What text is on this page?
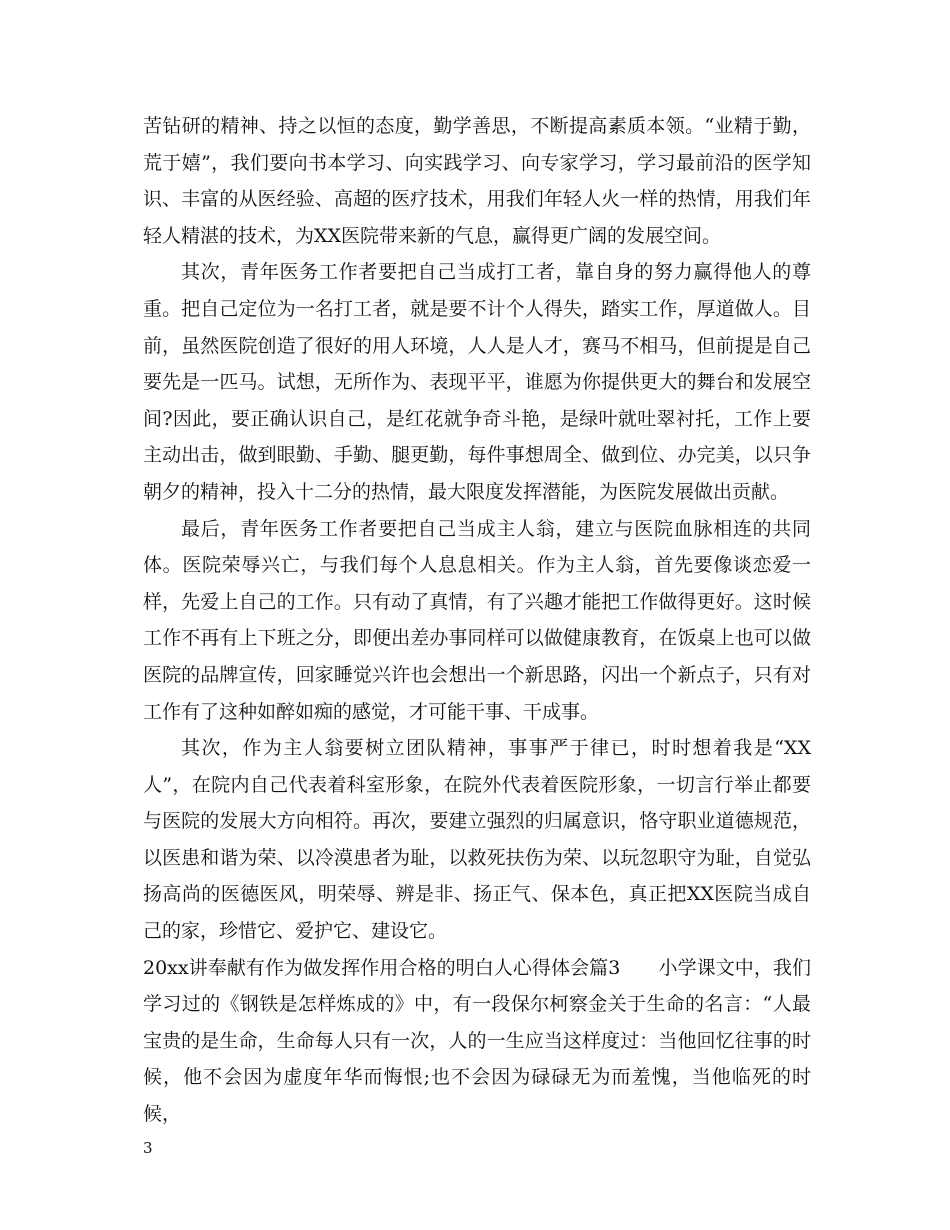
苦钻研的精神、持之以恒的态度，勤学善思，不断提高素质本领。“业精于勤，荒于嬉”，我们要向书本学习、向实践学习、向专家学习，学习最前沿的医学知识、丰富的从医经验、高超的医疗技术，用我们年轻人火一样的热情，用我们年轻人精湛的技术，为XX医院带来新的气息，赢得更广阔的发展空间。

其次，青年医务工作者要把自己当成打工者，靠自身的努力赢得他人的尊重。把自己定位为一名打工者，就是要不计个人得失，踏实工作，厚道做人。目前，虽然医院创造了很好的用人环境，人人是人才，赛马不相马，但前提是自己要先是一匹马。试想，无所作为、表现平平，谁愿为你提供更大的舞台和发展空间?因此，要正确认识自己，是红花就争奇斗艳，是绿叶就吐翠衬托，工作上要主动出击，做到眼勤、手勤、腿更勤，每件事想周全、做到位、办完美，以只争朝夕的精神，投入十二分的热情，最大限度发挥潜能，为医院发展做出贡献。

最后，青年医务工作者要把自己当成主人翁，建立与医院血脉相连的共同体。医院荣辱兴亡，与我们每个人息息相关。作为主人翁，首先要像谈恋爱一样，先爱上自己的工作。只有动了真情，有了兴趣才能把工作做得更好。这时候工作不再有上下班之分，即便出差办事同样可以做健康教育，在饭桌上也可以做医院的品牌宣传，回家睡觉兴许也会想出一个新思路，闪出一个新点子，只有对工作有了这种如醉如痴的感觉，才可能干事、干成事。

其次，作为主人翁要树立团队精神，事事严于律已，时时想着我是“XX人”，在院内自己代表着科室形象，在院外代表着医院形象，一切言行举止都要与医院的发展大方向相符。再次，要建立强烈的归属意识，恪守职业道德规范，以医患和谐为荣、以冷漠患者为耻，以救死扶伤为荣、以玩忽职守为耻，自觉弘扬高尚的医德医风，明荣辱、辨是非、扬正气、保本色，真正把XX医院当成自己的家，珍惜它、爱护它、建设它。

20xx讲奉献有作为做发挥作用合格的明白人心得体会篇3　　小学课文中，我们学习过的《钢铁是怎样炼成的》中，有一段保尔柯察金关于生命的名言：“人最宝贵的是生命，生命每人只有一次，人的一生应当这样度过：当他回忆往事的时候，他不会因为虚度年华而悔恨;也不会因为碌碌无为而羞愧，当他临死的时候，

3
